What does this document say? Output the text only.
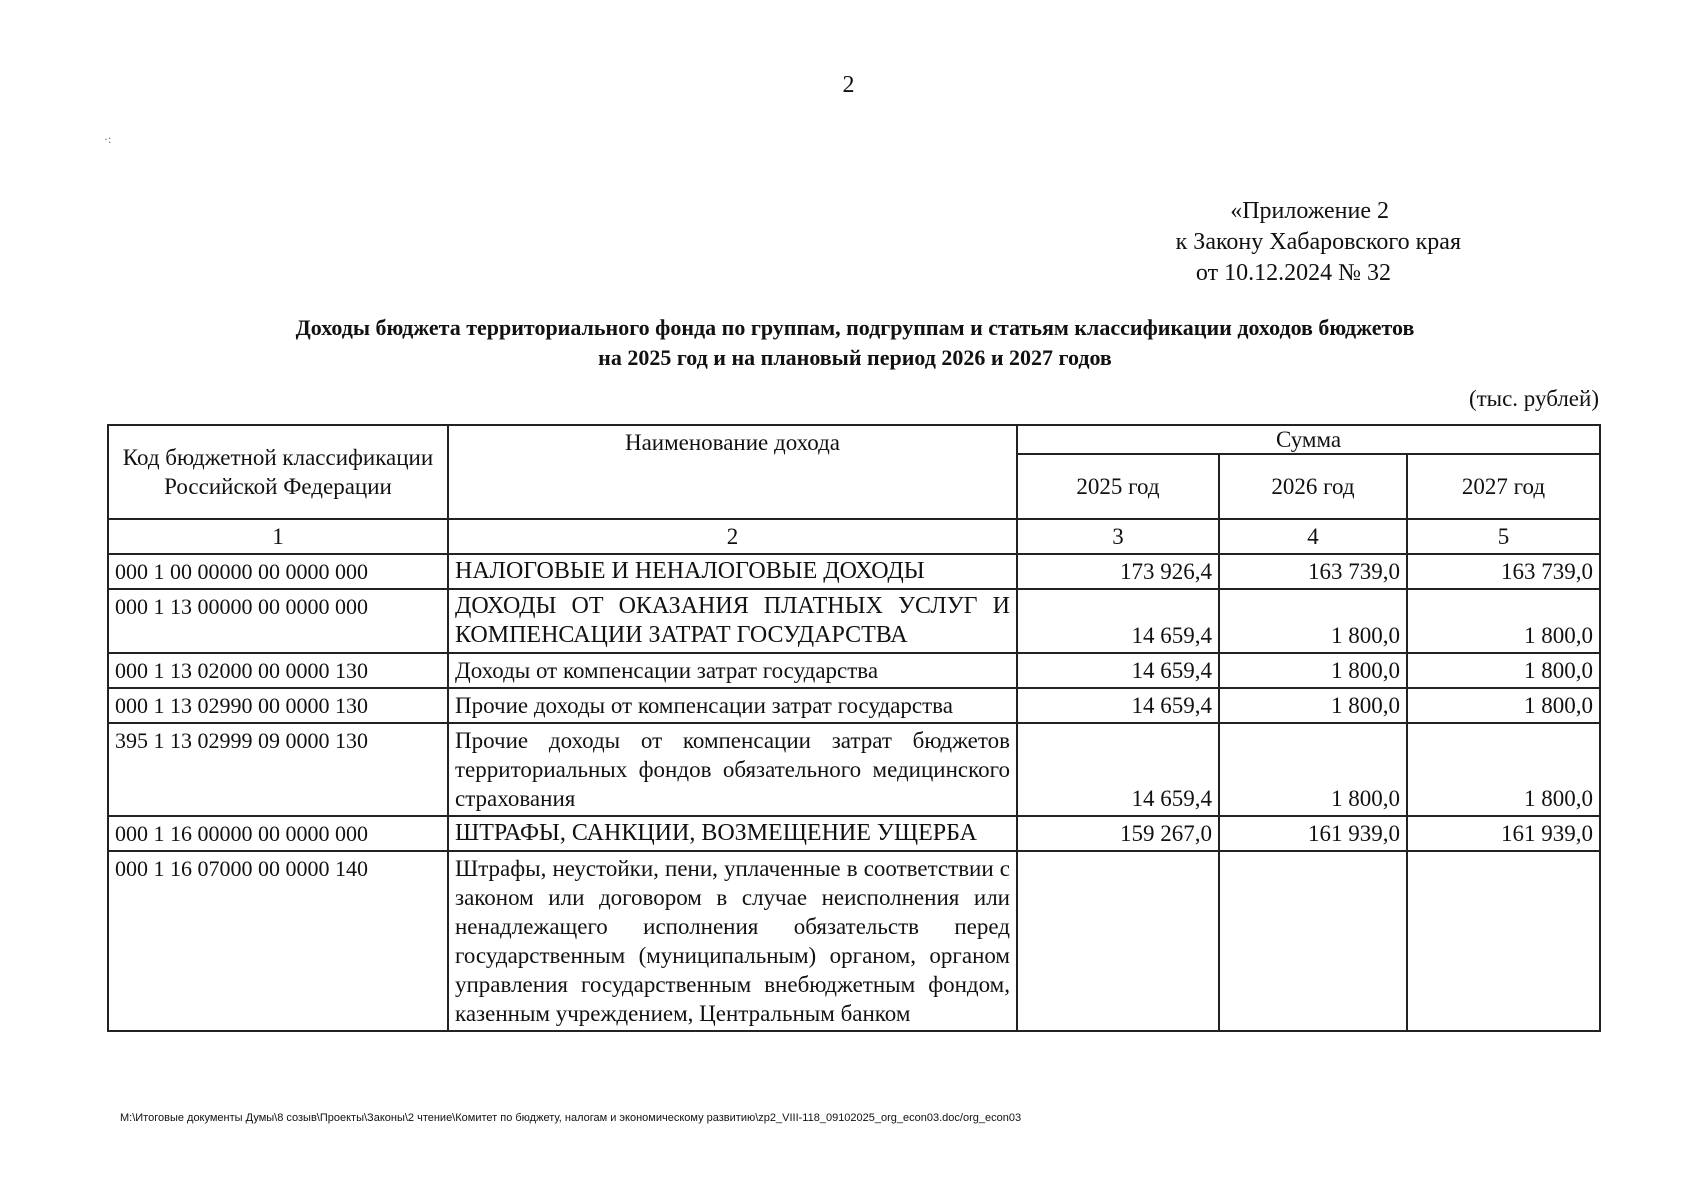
2
·:
«Приложение 2
к Закону Хабаровского края
от 10.12.2024 № 32
Доходы бюджета территориального фонда по группам, подгруппам и статьям классификации доходов бюджетов
на 2025 год и на плановый период 2026 и 2027 годов
(тыс. рублей)
Код бюджетной классификации Российской Федерации	Наименование дохода	Сумма		
		2025 год	2026 год	2027 год
1	2	3	4	5
000 1 00 00000 00 0000 000	НАЛОГОВЫЕ И НЕНАЛОГОВЫЕ ДОХОДЫ	173 926,4	163 739,0	163 739,0
000 1 13 00000 00 0000 000	ДОХОДЫ ОТ ОКАЗАНИЯ ПЛАТНЫХ УСЛУГ И КОМПЕНСАЦИИ ЗАТРАТ ГОСУДАРСТВА	14 659,4	1 800,0	1 800,0
000 1 13 02000 00 0000 130	Доходы от компенсации затрат государства	14 659,4	1 800,0	1 800,0
000 1 13 02990 00 0000 130	Прочие доходы от компенсации затрат государства	14 659,4	1 800,0	1 800,0
395 1 13 02999 09 0000 130	Прочие доходы от компенсации затрат бюджетов территориальных фондов обязательного медицинского страхования	14 659,4	1 800,0	1 800,0
000 1 16 00000 00 0000 000	ШТРАФЫ, САНКЦИИ, ВОЗМЕЩЕНИЕ УЩЕРБА	159 267,0	161 939,0	161 939,0
000 1 16 07000 00 0000 140	Штрафы, неустойки, пени, уплаченные в соответствии с законом или договором в случае неисполнения или ненадлежащего исполнения обязательств перед государственным (муниципальным) органом, органом управления государственным внебюджетным фондом, казенным учреждением, Центральным банком			
M:\Итоговые документы Думы\8 созыв\Проекты\Законы\2 чтение\Комитет по бюджету, налогам и экономическому развитию\zp2_VIII-118_09102025_org_econ03.doc/org_econ03
